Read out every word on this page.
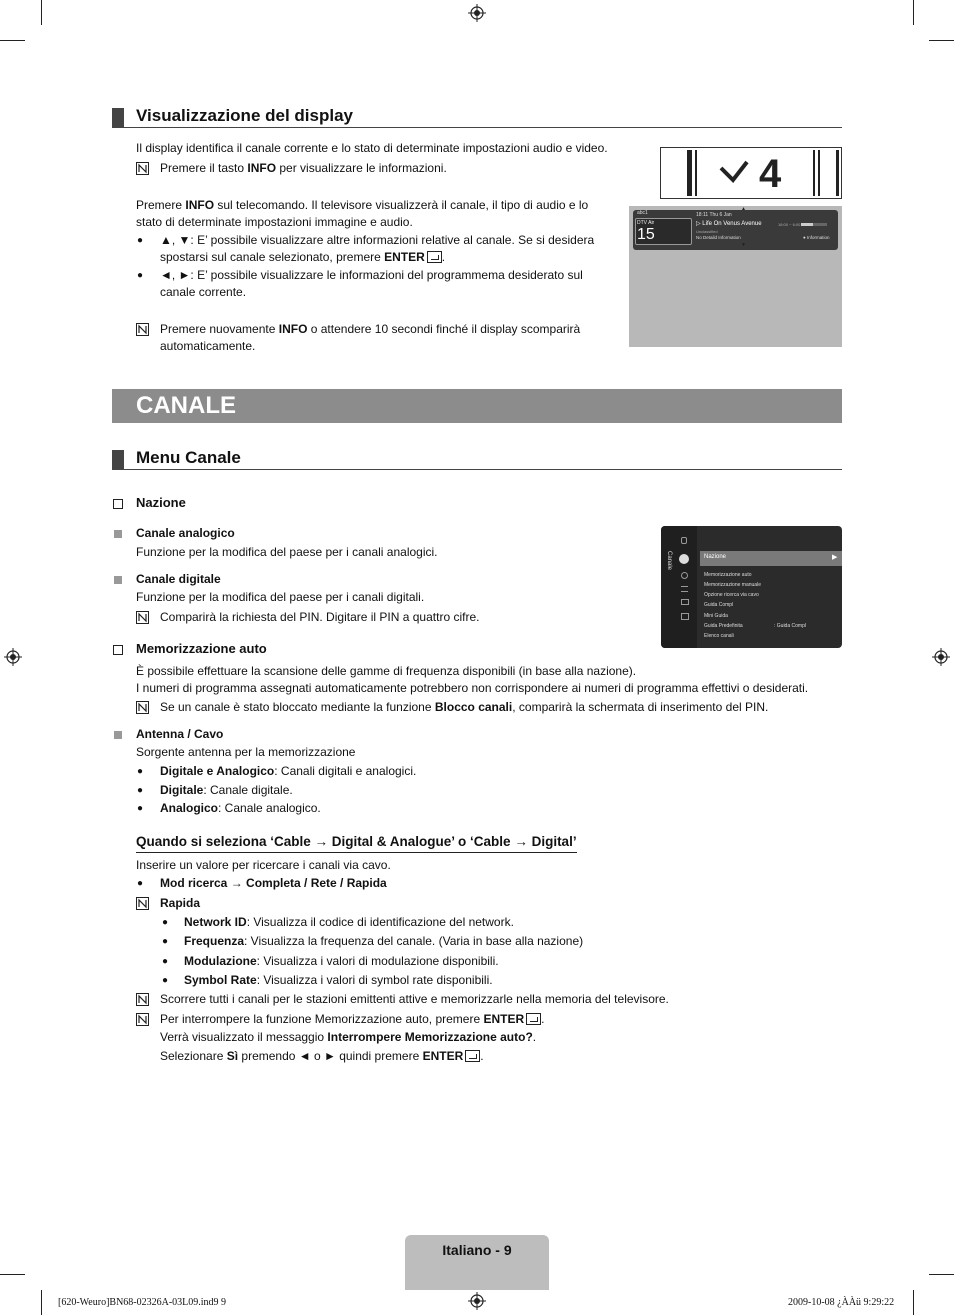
Visualizzazione del display
Il display identifica il canale corrente e lo stato di determinate impostazioni audio e video.
Premere il tasto INFO per visualizzare le informazioni.
Premere INFO sul telecomando. Il televisore visualizzerà il canale, il tipo di audio e lo
stato di determinate impostazioni immagine e audio.
● ▲, ▼: E’ possibile visualizzare altre informazioni relative al canale. Se si desidera
spostarsi sul canale selezionato, premere ENTER .
● ◄, ►: E’ possibile visualizzare le informazioni del programmema desiderato sul
canale corrente.
Premere nuovamente INFO o attendere 10 secondi finché il display scomparirà
automaticamente.
4
abc1
DTV Air
15
18:11 Thu 6 Jan
▷ Life On Venus Avenue
Unclassified
No Detaild Information
18:00 ~ 6:00
● Information
▲
▼
CANALE
Menu Canale
Nazione
Canale analogico
Funzione per la modifica del paese per i canali analogici.
Canale digitale
Funzione per la modifica del paese per i canali digitali.
Comparirà la richiesta del PIN. Digitare il PIN a quattro cifre.
Canale	Nazione	▶
Memorizzazione auto
Memorizzazione manuale
Opzione ricerca via cavo
Guida Compl
Mini Guida
Guida Predefinita	: Guida Compl
Elenco canali
Memorizzazione auto
È possibile effettuare la scansione delle gamme di frequenza disponibili (in base alla nazione).
I numeri di programma assegnati automaticamente potrebbero non corrispondere ai numeri di programma effettivi o desiderati.
Se un canale è stato bloccato mediante la funzione Blocco canali, comparirà la schermata di inserimento del PIN.
Antenna / Cavo
Sorgente antenna per la memorizzazione
● Digitale e Analogico: Canali digitali e analogici.
● Digitale: Canale digitale.
● Analogico: Canale analogico.
Quando si seleziona ‘Cable → Digital & Analogue’ o ‘Cable → Digital’
Inserire un valore per ricercare i canali via cavo.
● Mod ricerca → Completa / Rete / Rapida
Rapida
● Network ID: Visualizza il codice di identificazione del network.
● Frequenza: Visualizza la frequenza del canale. (Varia in base alla nazione)
● Modulazione: Visualizza i valori di modulazione disponibili.
● Symbol Rate: Visualizza i valori di symbol rate disponibili.
Scorrere tutti i canali per le stazioni emittenti attive e memorizzarle nella memoria del televisore.
Per interrompere la funzione Memorizzazione auto, premere ENTER .
Verrà visualizzato il messaggio Interrompere Memorizzazione auto?.
Selezionare Sì premendo ◄ o ► quindi premere ENTER .
Italiano - 9
[620-Weuro]BN68-02326A-03L09.ind9 9	2009-10-08 ¿ÀÀü 9:29:22
